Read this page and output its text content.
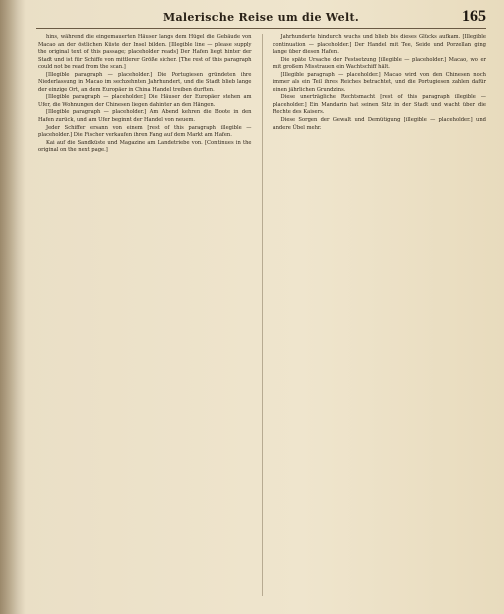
Malerische Reise um die Welt.	165

hins, während die eingemauerten Häuser langs dem Hügel die Gebäude von Macao an der östlichen Küste der Insel bilden. [Illegible line — please supply the original text of this passage; placeholder reads] Der Hafen liegt hinter der Stadt und ist für Schiffe von mittlerer Größe sicher. [The rest of this paragraph could not be read from the scan.]

[Illegible paragraph — placeholder.] Die Portugiesen gründeten ihre Niederlassung in Macao im sechzehnten Jahrhundert, und die Stadt blieb lange der einzige Ort, an dem Europäer in China Handel treiben durften.

[Illegible paragraph — placeholder.] Die Häuser der Europäer stehen am Ufer, die Wohnungen der Chinesen liegen dahinter an den Hängen.

[Illegible paragraph — placeholder.] Am Abend kehren die Boote in den Hafen zurück, und am Ufer beginnt der Handel von neuem.

Jeder Schiffer ersann von einem [rest of this paragraph illegible — placeholder.] Die Fischer verkaufen ihren Fang auf dem Markt am Hafen.

Kai auf die Sandküste und Magazine am Landetriebe von. [Continues in the original on the next page.]

Jahrhunderte hindurch wuchs und blieb bis dieses Glücks aufkam. [Illegible continuation — placeholder.] Der Handel mit Tee, Seide und Porzellan ging lange über diesen Hafen.

Die späte Ursache der Festsetzung [illegible — placeholder.] Macao, wo er mit großem Misstrauen ein Wachtschiff hält.

[Illegible paragraph — placeholder.] Macao wird von den Chinesen noch immer als ein Teil ihres Reiches betrachtet, und die Portugiesen zahlen dafür einen jährlichen Grundzins.

Diese unerträgliche Rechtsmacht [rest of this paragraph illegible — placeholder.] Ein Mandarin hat seinen Sitz in der Stadt und wacht über die Rechte des Kaisers.

Diese Sorgen der Gewalt und Demütigung [illegible — placeholder.] und andere Übel mehr.
